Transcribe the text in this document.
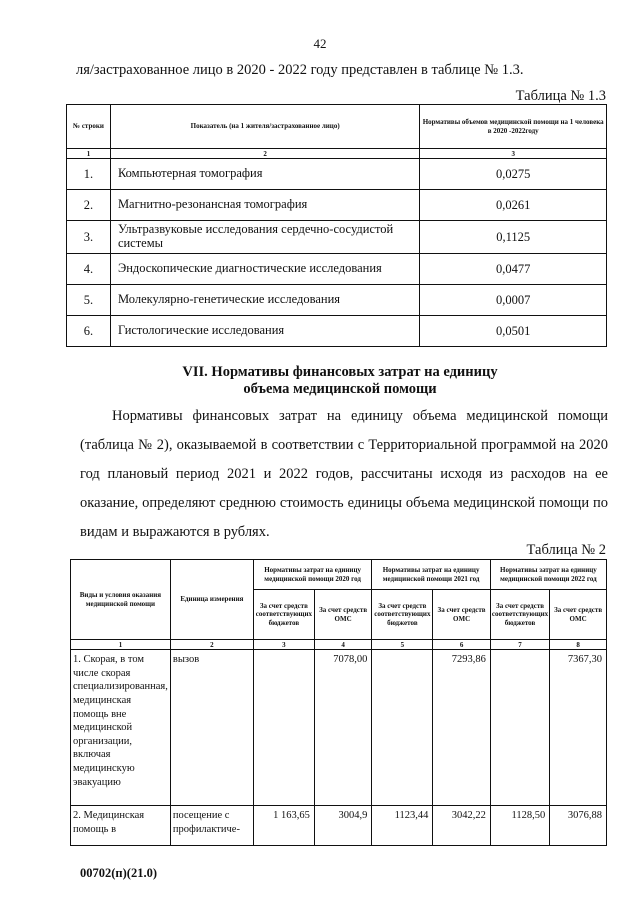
42
ля/застрахованное лицо в 2020 - 2022 году представлен в таблице № 1.3.
Таблица № 1.3
№ строки	Показатель (на 1 жителя/застрахованное лицо)	Нормативы объемов медицинской помощи на 1 человека в 2020 -2022году
1	2	3
1.	Компьютерная томография	0,0275
2.	Магнитно-резонансная томография	0,0261
3.	Ультразвуковые исследования сердечно-сосудистой системы	0,1125
4.	Эндоскопические диагностические исследования	0,0477
5.	Молекулярно-генетические исследования	0,0007
6.	Гистологические исследования	0,0501
VII. Нормативы финансовых затрат на единицу
объема медицинской помощи
Нормативы финансовых затрат на единицу объема медицинской помощи (таблица № 2), оказываемой в соответствии с Территориальной программой на 2020 год плановый период 2021 и 2022 годов, рассчитаны исходя из расходов на ее оказание, определяют среднюю стоимость единицы объема медицинской помощи по видам и выражаются в рублях.
Таблица № 2
Виды и условия оказания медицинской помощи	Единица измерения	Нормативы затрат на единицу медицинской помощи 2020 год		Нормативы затрат на единицу медицинской помощи 2021 год		Нормативы затрат на единицу медицинской помощи 2022 год	
		За счет средств соответствующих бюджетов	За счет средств ОМС	За счет средств соответствующих бюджетов	За счет средств ОМС	За счет средств соответствующих бюджетов	За счет средств ОМС
1	2	3	4	5	6	7	8
1. Скорая, в том числе скорая специализированная, медицинская помощь вне медицинской организации, включая медицинскую эвакуацию	вызов		7078,00		7293,86		7367,30
2. Медицинская помощь в	посещение с профилактиче-	1 163,65	3004,9	1123,44	3042,22	1128,50	3076,88
00702(п)(21.0)
